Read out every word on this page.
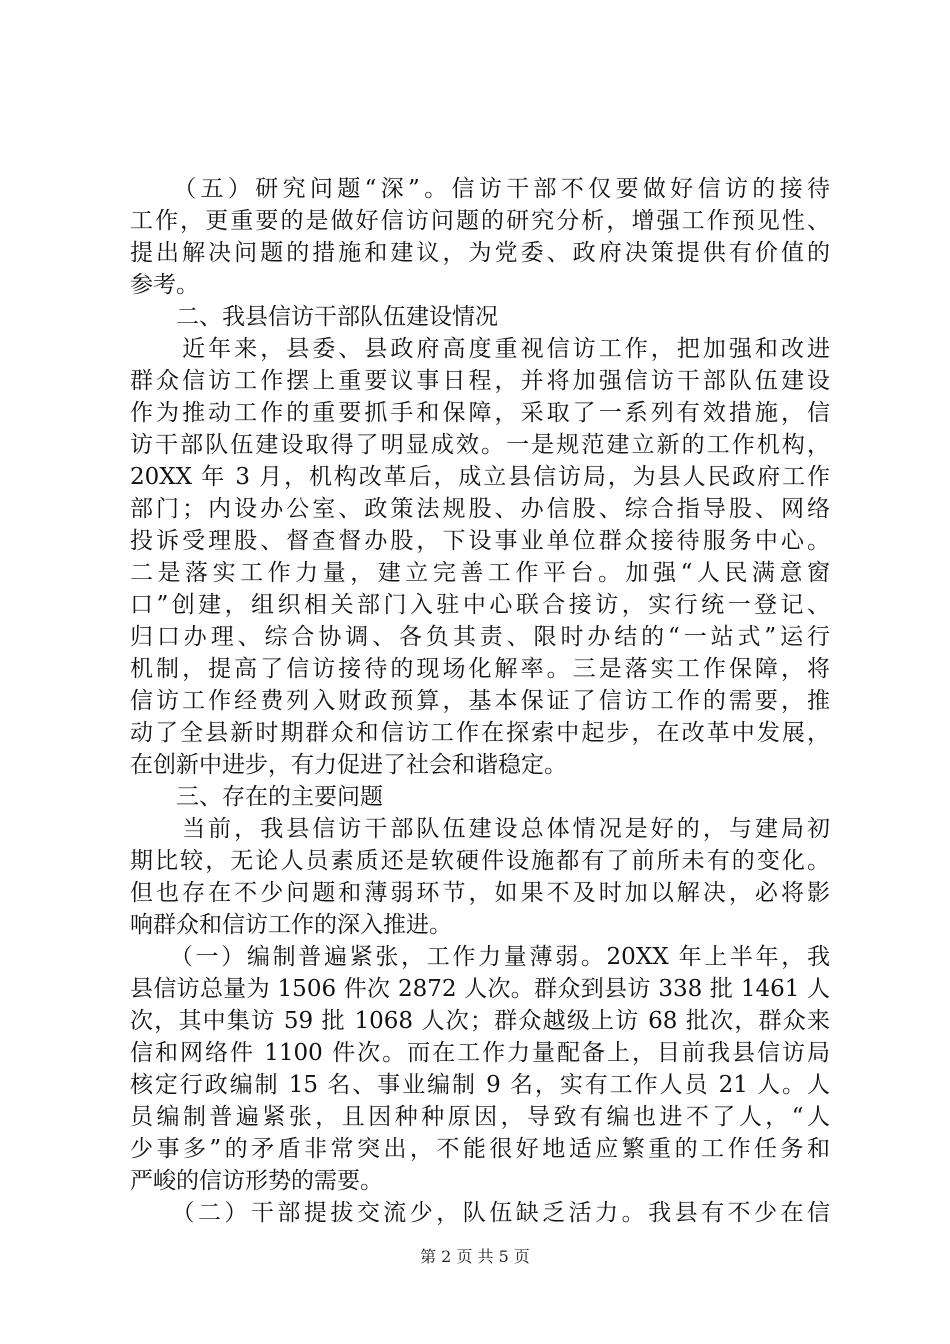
　　（五）研究问题“深”。信访干部不仅要做好信访的接待
工作，更重要的是做好信访问题的研究分析，增强工作预见性、
提出解决问题的措施和建议，为党委、政府决策提供有价值的
参考。
　　二、我县信访干部队伍建设情况
　　近年来，县委、县政府高度重视信访工作，把加强和改进
群众信访工作摆上重要议事日程，并将加强信访干部队伍建设
作为推动工作的重要抓手和保障，采取了一系列有效措施，信
访干部队伍建设取得了明显成效。一是规范建立新的工作机构，
20XX 年 3 月，机构改革后，成立县信访局，为县人民政府工作
部门；内设办公室、政策法规股、办信股、综合指导股、网络
投诉受理股、督查督办股，下设事业单位群众接待服务中心。
二是落实工作力量，建立完善工作平台。加强“人民满意窗
口”创建，组织相关部门入驻中心联合接访，实行统一登记、
归口办理、综合协调、各负其责、限时办结的“一站式”运行
机制，提高了信访接待的现场化解率。三是落实工作保障，将
信访工作经费列入财政预算，基本保证了信访工作的需要，推
动了全县新时期群众和信访工作在探索中起步，在改革中发展，
在创新中进步，有力促进了社会和谐稳定。
　　三、存在的主要问题
　　当前，我县信访干部队伍建设总体情况是好的，与建局初
期比较，无论人员素质还是软硬件设施都有了前所未有的变化。
但也存在不少问题和薄弱环节，如果不及时加以解决，必将影
响群众和信访工作的深入推进。
　　（一）编制普遍紧张，工作力量薄弱。20XX 年上半年，我
县信访总量为 1506 件次 2872 人次。群众到县访 338 批 1461 人
次，其中集访 59 批 1068 人次；群众越级上访 68 批次，群众来
信和网络件 1100 件次。而在工作力量配备上，目前我县信访局
核定行政编制 15 名、事业编制 9 名，实有工作人员 21 人。人
员编制普遍紧张，且因种种原因，导致有编也进不了人，“人
少事多”的矛盾非常突出，不能很好地适应繁重的工作任务和
严峻的信访形势的需要。
　　（二）干部提拔交流少，队伍缺乏活力。我县有不少在信
第 2 页 共 5 页
